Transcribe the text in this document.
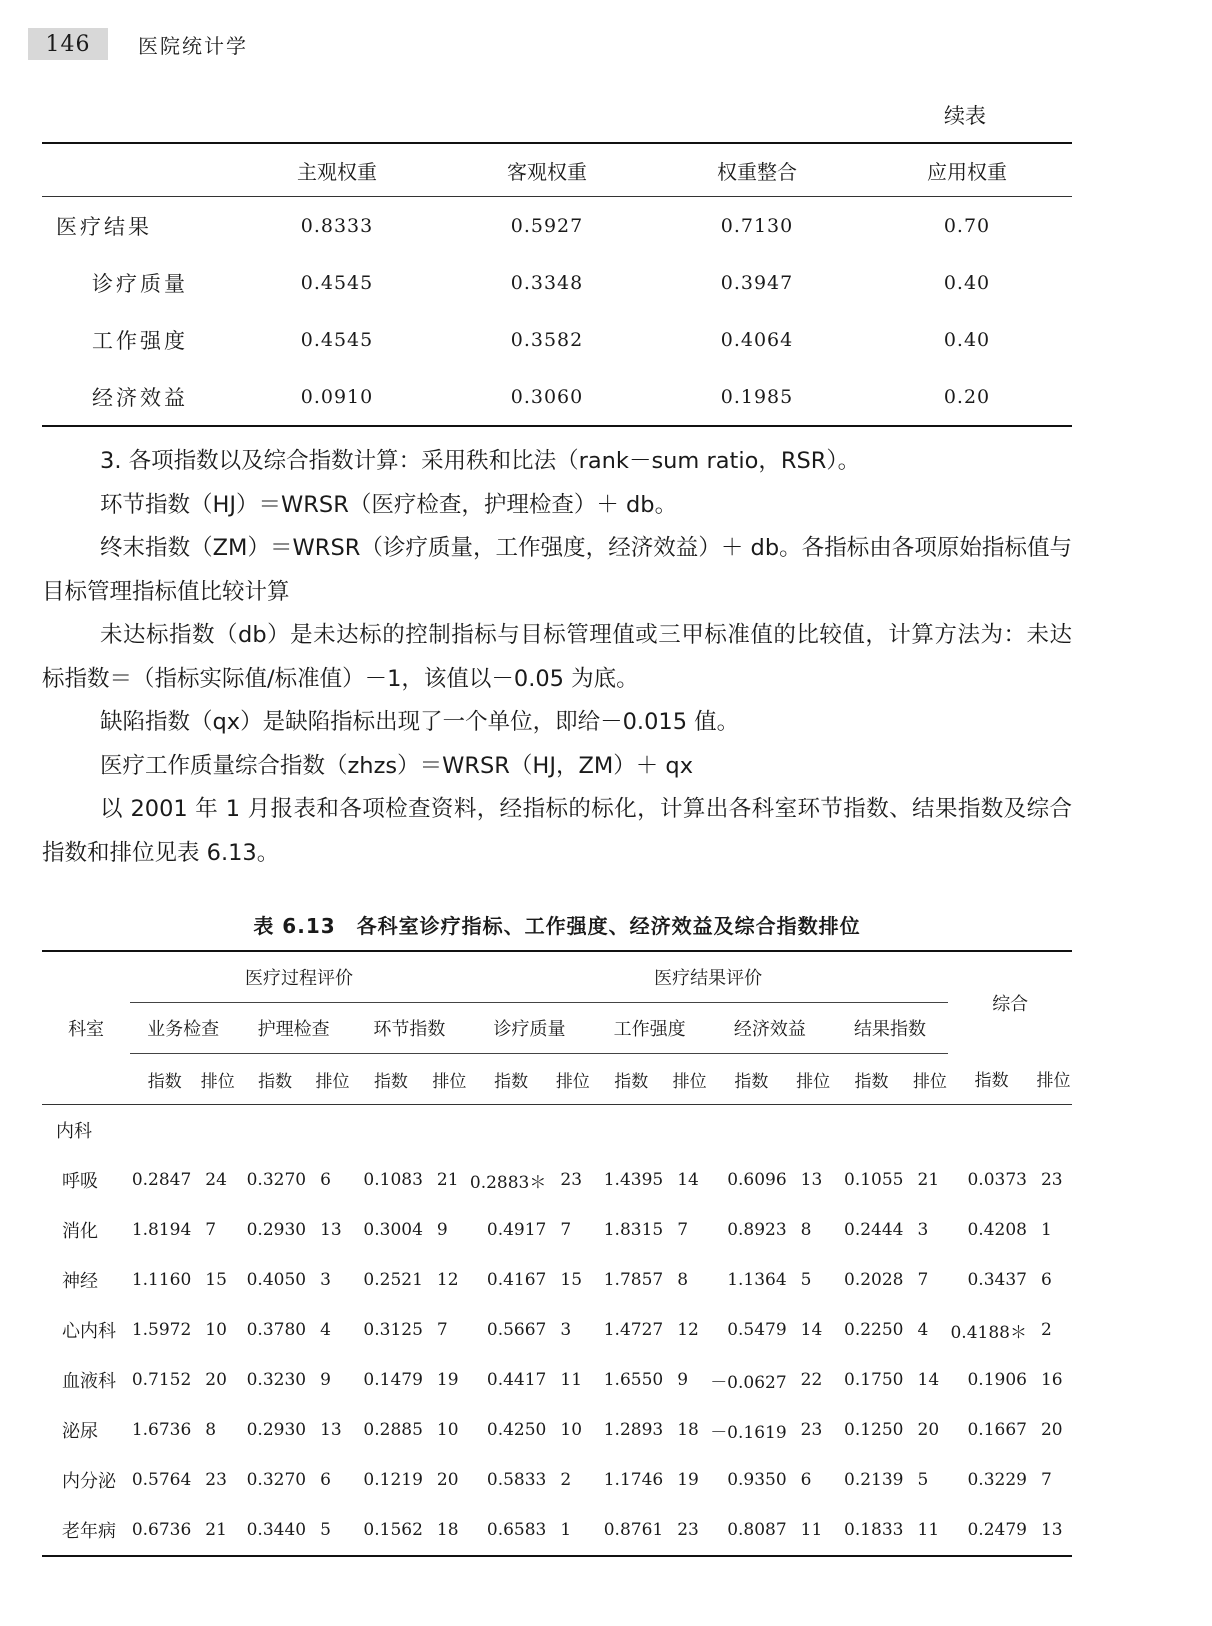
146	医院统计学
续表
	主观权重	客观权重	权重整合	应用权重
医疗结果	0.8333	0.5927	0.7130	0.70
诊疗质量	0.4545	0.3348	0.3947	0.40
工作强度	0.4545	0.3582	0.4064	0.40
经济效益	0.0910	0.3060	0.1985	0.20

3. 各项指数以及综合指数计算：采用秩和比法（rank－sum ratio，RSR）。

环节指数（HJ）＝WRSR（医疗检查，护理检查）＋ db。

终末指数（ZM）＝WRSR（诊疗质量，工作强度，经济效益）＋ db。各指标由各项原始指标值与目标管理指标值比较计算

未达标指数（db）是未达标的控制指标与目标管理值或三甲标准值的比较值，计算方法为：未达标指数＝（指标实际值/标准值）－1，该值以－0.05 为底。

缺陷指数（qx）是缺陷指标出现了一个单位，即给－0.015 值。

医疗工作质量综合指数（zhzs）＝WRSR（HJ，ZM）＋ qx

以 2001 年 1 月报表和各项检查资料，经指标的标化，计算出各科室环节指数、结果指数及综合指数和排位见表 6.13。

表 6.13　各科室诊疗指标、工作强度、经济效益及综合指数排位
科室	医疗过程评价						医疗结果评价								综合	
	业务检查		护理检查		环节指数		诊疗质量		工作强度		经济效益		结果指数			
	指数	排位	指数	排位	指数	排位	指数	排位	指数	排位	指数	排位	指数	排位	指数	排位
内科																
呼吸	0.2847	24	0.3270	6	0.1083	21	0.2883＊	23	1.4395	14	0.6096	13	0.1055	21	0.0373	23
消化	1.8194	7	0.2930	13	0.3004	9	0.4917	7	1.8315	7	0.8923	8	0.2444	3	0.4208	1
神经	1.1160	15	0.4050	3	0.2521	12	0.4167	15	1.7857	8	1.1364	5	0.2028	7	0.3437	6
心内科	1.5972	10	0.3780	4	0.3125	7	0.5667	3	1.4727	12	0.5479	14	0.2250	4	0.4188＊	2
血液科	0.7152	20	0.3230	9	0.1479	19	0.4417	11	1.6550	9	－0.0627	22	0.1750	14	0.1906	16
泌尿	1.6736	8	0.2930	13	0.2885	10	0.4250	10	1.2893	18	－0.1619	23	0.1250	20	0.1667	20
内分泌	0.5764	23	0.3270	6	0.1219	20	0.5833	2	1.1746	19	0.9350	6	0.2139	5	0.3229	7
老年病	0.6736	21	0.3440	5	0.1562	18	0.6583	1	0.8761	23	0.8087	11	0.1833	11	0.2479	13
